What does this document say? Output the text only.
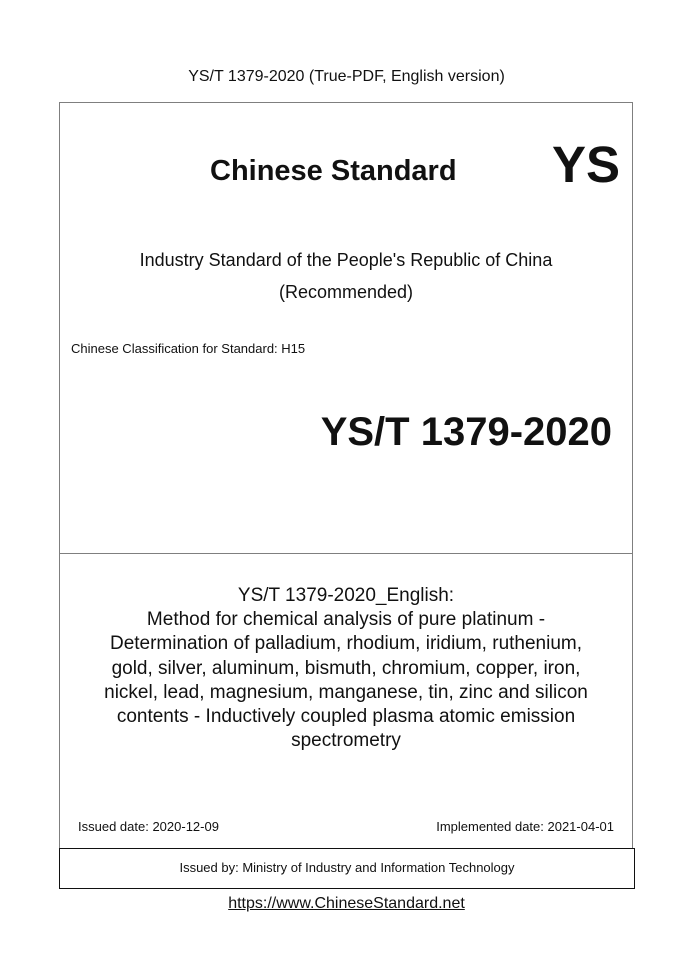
YS/T 1379-2020 (True-PDF, English version)
Chinese Standard YS
Industry Standard of the People's Republic of China
(Recommended)
Chinese Classification for Standard: H15
YS/T 1379-2020
YS/T 1379-2020_English:
Method for chemical analysis of pure platinum -
Determination of palladium, rhodium, iridium, ruthenium,
gold, silver, aluminum, bismuth, chromium, copper, iron,
nickel, lead, magnesium, manganese, tin, zinc and silicon
contents - Inductively coupled plasma atomic emission
spectrometry
Issued date: 2020-12-09	Implemented date: 2021-04-01
Issued by: Ministry of Industry and Information Technology
https://www.ChineseStandard.net
